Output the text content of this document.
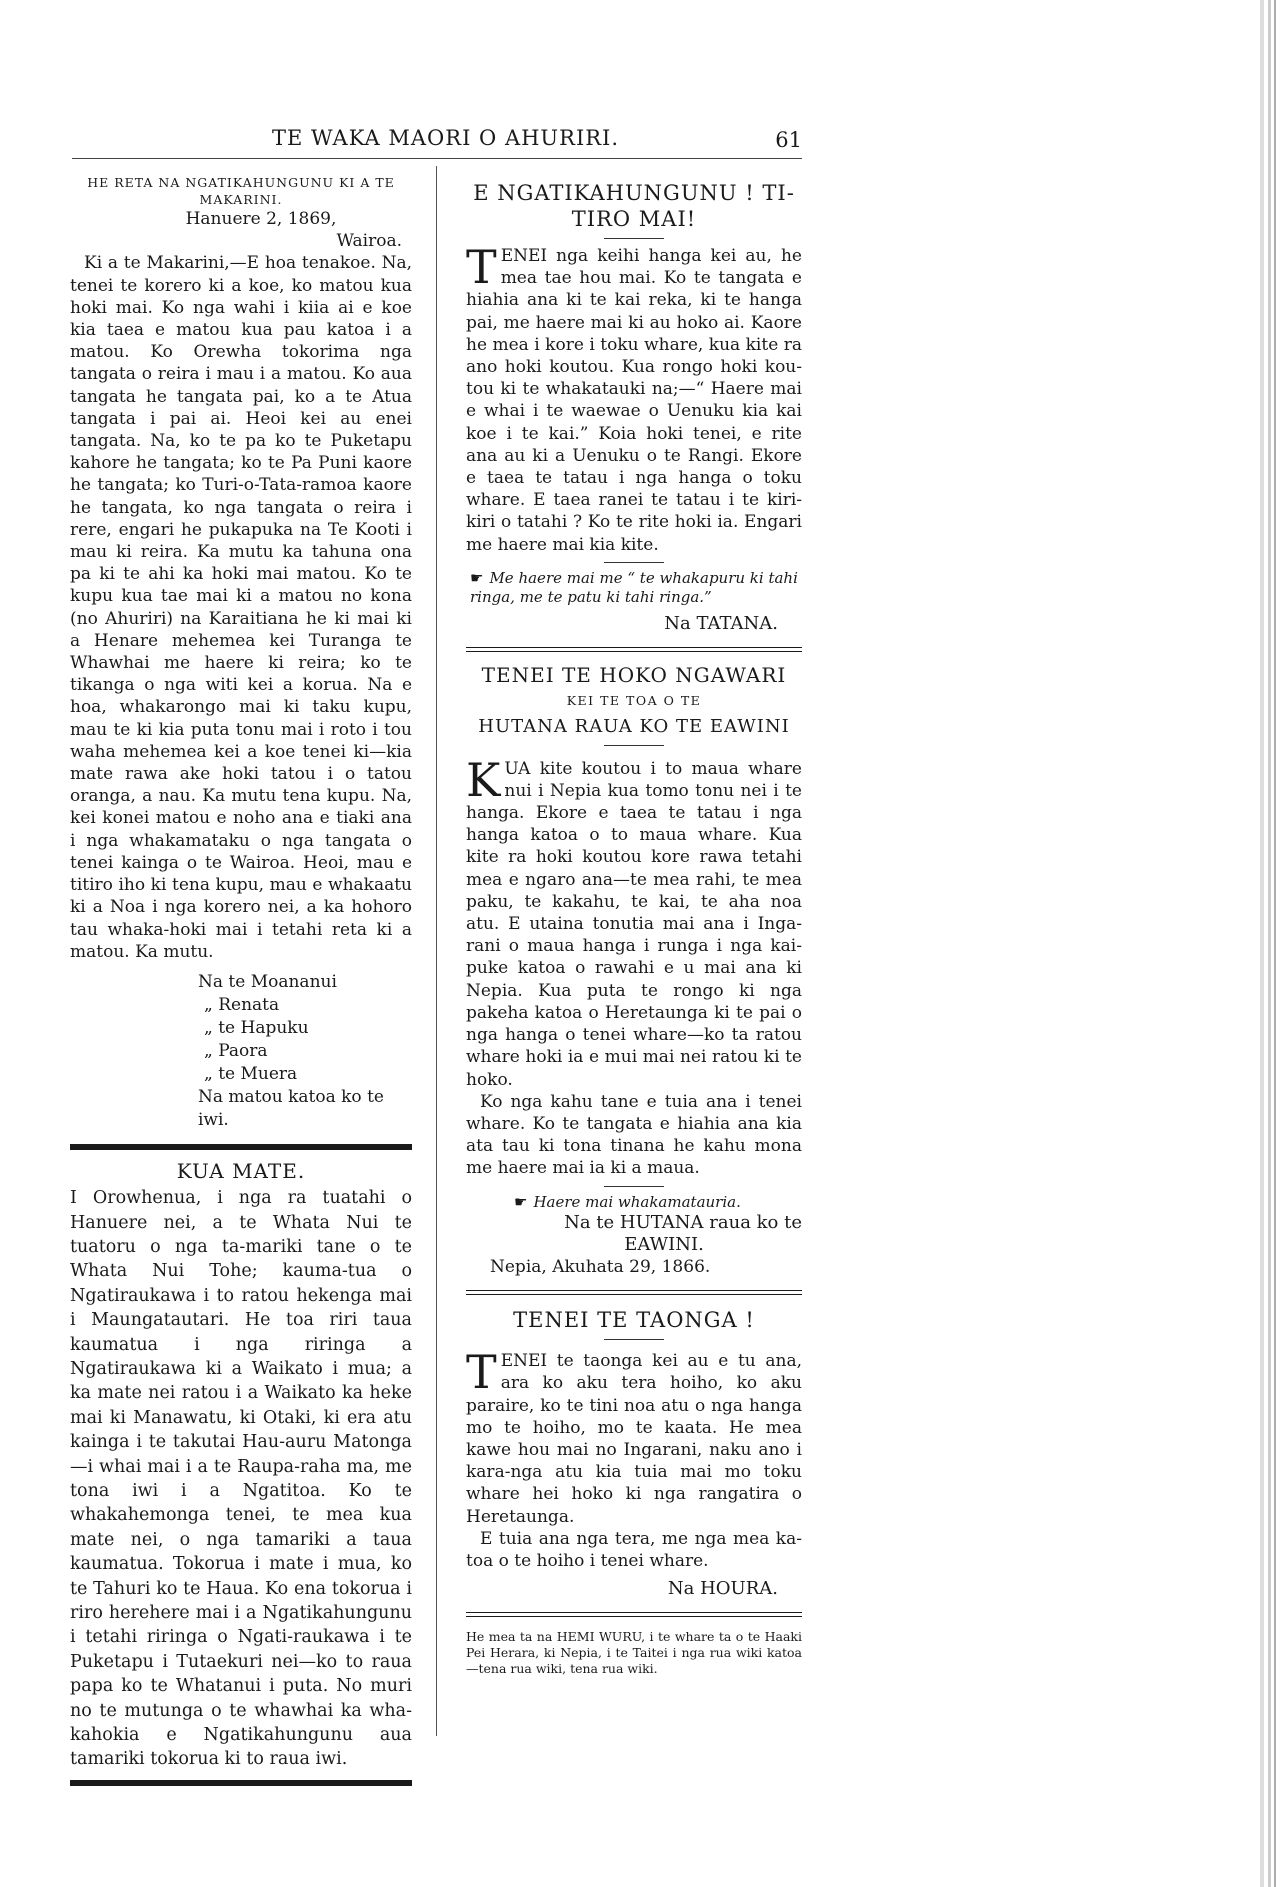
TE WAKA MAORI O AHURIRI.	61
HE RETA NA NGATIKAHUNGUNU KI A TE MAKARINI.
Hanuere 2, 1869,
Wairoa.

Ki a te Makarini,—E hoa tenakoe. Na, tenei te korero ki a koe, ko matou kua hoki mai. Ko nga wahi i kiia ai e koe kia taea e matou kua pau katoa i a matou. Ko Orewha tokorima nga tangata o reira i mau i a matou. Ko aua tangata he tangata pai, ko a te Atua tangata i pai ai. Heoi kei au enei tangata. Na, ko te pa ko te Puketapu kahore he tangata; ko te Pa Puni kaore he tangata; ko Turi-o-Tata-ramoa kaore he tangata, ko nga tangata o reira i rere, engari he pukapuka na Te Kooti i mau ki reira. Ka mutu ka tahuna ona pa ki te ahi ka hoki mai matou. Ko te kupu kua tae mai ki a matou no kona (no Ahuriri) na Karaitiana he ki mai ki a Henare mehemea kei Turanga te Whawhai me haere ki reira; ko te tikanga o nga witi kei a korua. Na e hoa, whakarongo mai ki taku kupu, mau te ki kia puta tonu mai i roto i tou waha mehemea kei a koe tenei ki—kia mate rawa ake hoki tatou i o tatou oranga, a nau. Ka mutu tena kupu. Na, kei konei matou e noho ana e tiaki ana i nga whakamataku o nga tangata o tenei kainga o te Wairoa. Heoi, mau e titiro iho ki tena kupu, mau e whakaatu ki a Noa i nga korero nei, a ka hohoro tau whaka-hoki mai i tetahi reta ki a matou. Ka mutu.

Na te Moananui
„ Renata
„ te Hapuku
„ Paora
„ te Muera
Na matou katoa ko te iwi.
KUA MATE.

I Orowhenua, i nga ra tuatahi o Hanuere nei, a te Whata Nui te tuatoru o nga ta-mariki tane o te Whata Nui Tohe; kauma-tua o Ngatiraukawa i to ratou hekenga mai i Maungatautari. He toa riri taua kaumatua i nga riringa a Ngatiraukawa ki a Waikato i mua; a ka mate nei ratou i a Waikato ka heke mai ki Manawatu, ki Otaki, ki era atu kainga i te takutai Hau-auru Matonga—i whai mai i a te Raupa-raha ma, me tona iwi i a Ngatitoa. Ko te whakahemonga tenei, te mea kua mate nei, o nga tamariki a taua kaumatua. Tokorua i mate i mua, ko te Tahuri ko te Haua. Ko ena tokorua i riro herehere mai i a Ngatikahungunu i tetahi riringa o Ngati-raukawa i te Puketapu i Tutaekuri nei—ko to raua papa ko te Whatanui i puta. No muri no te mutunga o te whawhai ka wha-kahokia e Ngatikahungunu aua tamariki tokorua ki to raua iwi.

E NGATIKAHUNGUNU ! TI-TIRO MAI!

TENEI nga keihi hanga kei au, he mea tae hou mai. Ko te tangata e hiahia ana ki te kai reka, ki te hanga pai, me haere mai ki au hoko ai. Kaore he mea i kore i toku whare, kua kite ra ano hoki koutou. Kua rongo hoki kou-tou ki te whakatauki na;—“ Haere mai e whai i te waewae o Uenuku kia kai koe i te kai.” Koia hoki tenei, e rite ana au ki a Uenuku o te Rangi. Ekore e taea te tatau i nga hanga o toku whare. E taea ranei te tatau i te kiri-kiri o tatahi ? Ko te rite hoki ia. Engari me haere mai kia kite.

☛ Me haere mai me “ te whakapuru ki tahi ringa, me te patu ki tahi ringa.”
Na TATANA.
TENEI TE HOKO NGAWARI
KEI TE TOA O TE
HUTANA RAUA KO TE EAWINI

KUA kite koutou i to maua whare nui i Nepia kua tomo tonu nei i te hanga. Ekore e taea te tatau i nga hanga katoa o to maua whare. Kua kite ra hoki koutou kore rawa tetahi mea e ngaro ana—te mea rahi, te mea paku, te kakahu, te kai, te aha noa atu. E utaina tonutia mai ana i Inga-rani o maua hanga i runga i nga kai-puke katoa o rawahi e u mai ana ki Nepia. Kua puta te rongo ki nga pakeha katoa o Heretaunga ki te pai o nga hanga o tenei whare—ko ta ratou whare hoki ia e mui mai nei ratou ki te hoko.

Ko nga kahu tane e tuia ana i tenei whare. Ko te tangata e hiahia ana kia ata tau ki tona tinana he kahu mona me haere mai ia ki a maua.

☛ Haere mai whakamatauria.
Na te HUTANA raua ko te
EAWINI.
Nepia, Akuhata 29, 1866.
TENEI TE TAONGA !

TENEI te taonga kei au e tu ana, ara ko aku tera hoiho, ko aku paraire, ko te tini noa atu o nga hanga mo te hoiho, mo te kaata. He mea kawe hou mai no Ingarani, naku ano i kara-nga atu kia tuia mai mo toku whare hei hoko ki nga rangatira o Heretaunga.

E tuia ana nga tera, me nga mea ka-toa o te hoiho i tenei whare.

Na HOURA.
He mea ta na HEMI WURU, i te whare ta o te Haaki Pei Herara, ki Nepia, i te Taitei i nga rua wiki katoa—tena rua wiki, tena rua wiki.
